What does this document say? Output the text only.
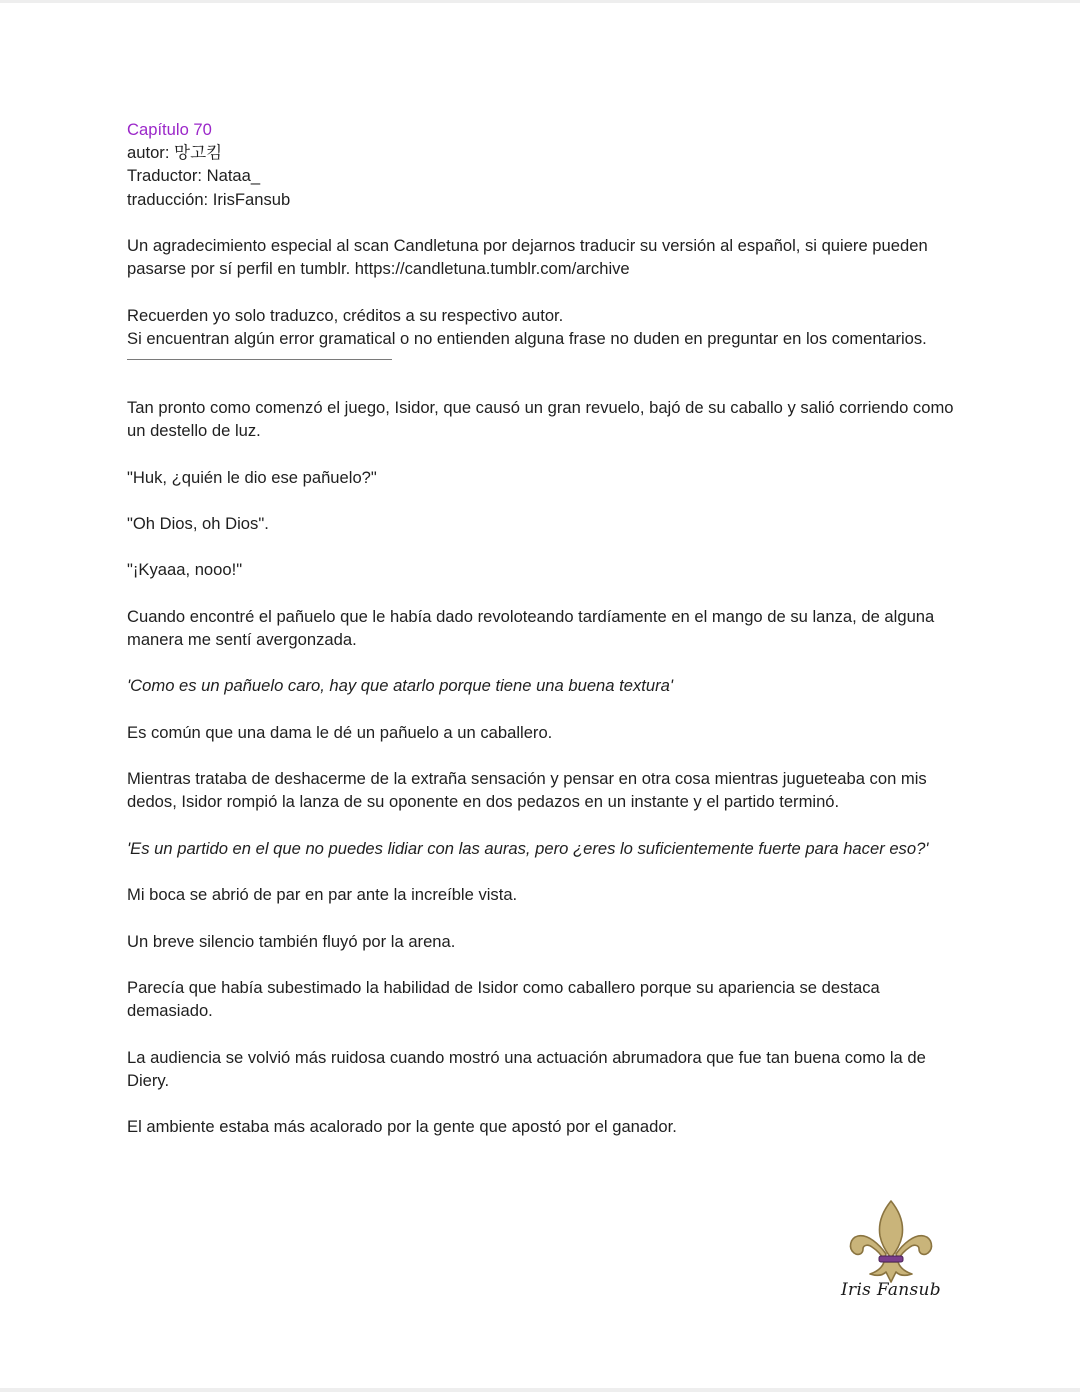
Capítulo 70

autor: 망고킴

Traductor: Nataa_

traducción: IrisFansub

Un agradecimiento especial al scan Candletuna por dejarnos traducir su versión al español, si quiere pueden pasarse por sí perfil en tumblr. https://candletuna.tumblr.com/archive

Recuerden yo solo traduzco, créditos a su respectivo autor.

Si encuentran algún error gramatical o no entienden alguna frase no duden en preguntar en los comentarios.

Tan pronto como comenzó el juego, Isidor, que causó un gran revuelo, bajó de su caballo y salió corriendo como un destello de luz.

"Huk, ¿quién le dio ese pañuelo?"

"Oh Dios, oh Dios".

"¡Kyaaa, nooo!"

Cuando encontré el pañuelo que le había dado revoloteando tardíamente en el mango de su lanza, de alguna manera me sentí avergonzada.

'Como es un pañuelo caro, hay que atarlo porque tiene una buena textura'

Es común que una dama le dé un pañuelo a un caballero.

Mientras trataba de deshacerme de la extraña sensación y pensar en otra cosa mientras jugueteaba con mis dedos, Isidor rompió la lanza de su oponente en dos pedazos en un instante y el partido terminó.

'Es un partido en el que no puedes lidiar con las auras, pero ¿eres lo suficientemente fuerte para hacer eso?'

Mi boca se abrió de par en par ante la increíble vista.

Un breve silencio también fluyó por la arena.

Parecía que había subestimado la habilidad de Isidor como caballero porque su apariencia se destaca demasiado.

La audiencia se volvió más ruidosa cuando mostró una actuación abrumadora que fue tan buena como la de Diery.

El ambiente estaba más acalorado por la gente que apostó por el ganador.

Iris Fansub
